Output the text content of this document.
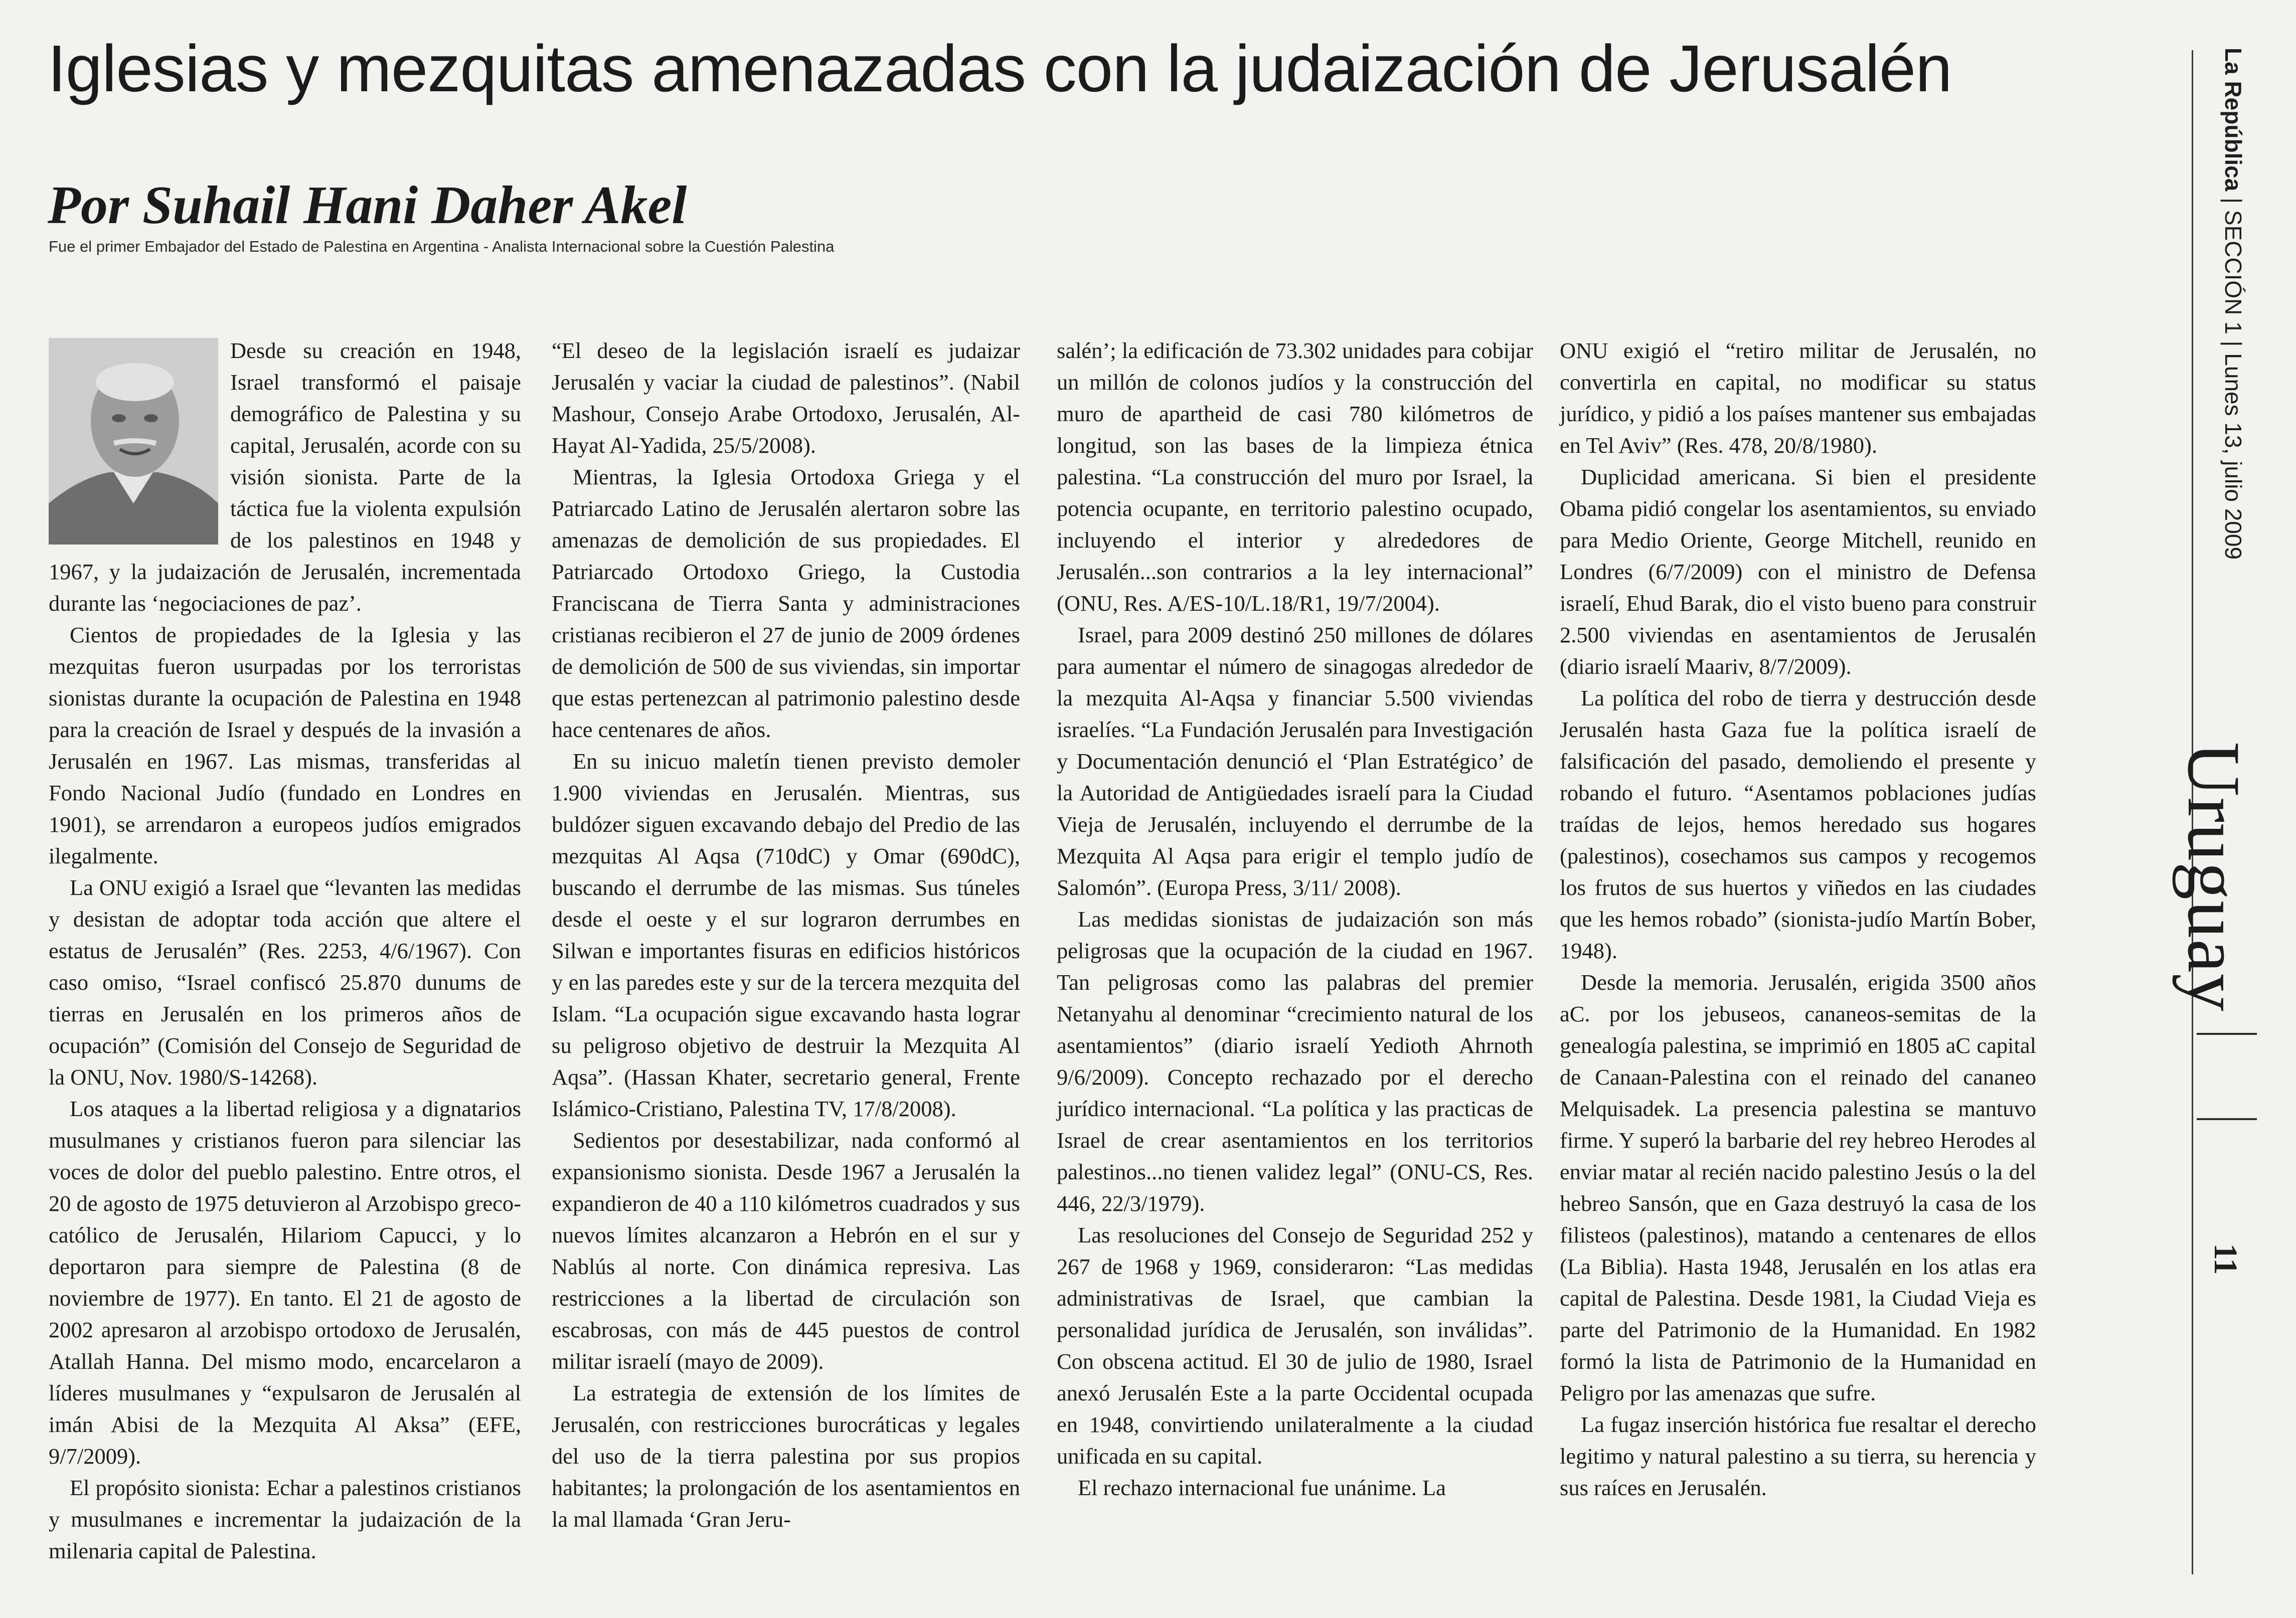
Iglesias y mezquitas amenazadas con la judaización de Jerusalén
Por Suhail Hani Daher Akel
Fue el primer Embajador del Estado de Palestina en Argentina - Analista Internacional sobre la Cuestión Palestina

Desde su creación en 1948, Israel transformó el paisaje demográfico de Palestina y su capital, Jerusalén, acorde con su visión sionista. Parte de la táctica fue la violenta expulsión de los palestinos en 1948 y 1967, y la judaización de Jerusalén, incrementada durante las ‘negociaciones de paz’.

Cientos de propiedades de la Iglesia y las mezquitas fueron usurpadas por los terroristas sionistas durante la ocupación de Palestina en 1948 para la creación de Israel y después de la invasión a Jerusalén en 1967. Las mismas, transferidas al Fondo Nacional Judío (fundado en Londres en 1901), se arrendaron a europeos judíos emigrados ilegalmente.

La ONU exigió a Israel que “levanten las medidas y desistan de adoptar toda acción que altere el estatus de Jerusalén” (Res. 2253, 4/6/1967). Con caso omiso, “Israel confiscó 25.870 dunums de tierras en Jerusalén en los primeros años de ocupación” (Comisión del Consejo de Seguridad de la ONU, Nov. 1980/S-14268).

Los ataques a la libertad religiosa y a dignatarios musulmanes y cristianos fueron para silenciar las voces de dolor del pueblo palestino. Entre otros, el 20 de agosto de 1975 detuvieron al Arzobispo greco-católico de Jerusalén, Hilariom Capucci, y lo deportaron para siempre de Palestina (8 de noviembre de 1977). En tanto. El 21 de agosto de 2002 apresaron al arzobispo ortodoxo de Jerusalén, Atallah Hanna. Del mismo modo, encarcelaron a líderes musulmanes y “expulsaron de Jerusalén al imán Abisi de la Mezquita Al Aksa” (EFE, 9/7/2009).

El propósito sionista: Echar a palestinos cristianos y musulmanes e incrementar la judaización de la milenaria capital de Palestina.

“El deseo de la legislación israelí es judaizar Jerusalén y vaciar la ciudad de palestinos”. (Nabil Mashour, Consejo Arabe Ortodoxo, Jerusalén, Al-Hayat Al-Yadida, 25/5/2008).

Mientras, la Iglesia Ortodoxa Griega y el Patriarcado Latino de Jerusalén alertaron sobre las amenazas de demolición de sus propiedades. El Patriarcado Ortodoxo Griego, la Custodia Franciscana de Tierra Santa y administraciones cristianas recibieron el 27 de junio de 2009 órdenes de demolición de 500 de sus viviendas, sin importar que estas pertenezcan al patrimonio palestino desde hace centenares de años.

En su inicuo maletín tienen previsto demoler 1.900 viviendas en Jerusalén. Mientras, sus buldózer siguen excavando debajo del Predio de las mezquitas Al Aqsa (710dC) y Omar (690dC), buscando el derrumbe de las mismas. Sus túneles desde el oeste y el sur lograron derrumbes en Silwan e importantes fisuras en edificios históricos y en las paredes este y sur de la tercera mezquita del Islam. “La ocupación sigue excavando hasta lograr su peligroso objetivo de destruir la Mezquita Al Aqsa”. (Hassan Khater, secretario general, Frente Islámico-Cristiano, Palestina TV, 17/8/2008).

Sedientos por desestabilizar, nada conformó al expansionismo sionista. Desde 1967 a Jerusalén la expandieron de 40 a 110 kilómetros cuadrados y sus nuevos límites alcanzaron a Hebrón en el sur y Nablús al norte. Con dinámica represiva. Las restricciones a la libertad de circulación son escabrosas, con más de 445 puestos de control militar israelí (mayo de 2009).

La estrategia de extensión de los límites de Jerusalén, con restricciones burocráticas y legales del uso de la tierra palestina por sus propios habitantes; la prolongación de los asentamientos en la mal llamada ‘Gran Jeru-

salén’; la edificación de 73.302 unidades para cobijar un millón de colonos judíos y la construcción del muro de apartheid de casi 780 kilómetros de longitud, son las bases de la limpieza étnica palestina. “La construcción del muro por Israel, la potencia ocupante, en territorio palestino ocupado, incluyendo el interior y alrededores de Jerusalén...son contrarios a la ley internacional” (ONU, Res. A/ES-10/L.18/R1, 19/7/2004).

Israel, para 2009 destinó 250 millones de dólares para aumentar el número de sinagogas alrededor de la mezquita Al-Aqsa y financiar 5.500 viviendas israelíes. “La Fundación Jerusalén para Investigación y Documentación denunció el ‘Plan Estratégico’ de la Autoridad de Antigüedades israelí para la Ciudad Vieja de Jerusalén, incluyendo el derrumbe de la Mezquita Al Aqsa para erigir el templo judío de Salomón”. (Europa Press, 3/11/ 2008).

Las medidas sionistas de judaización son más peligrosas que la ocupación de la ciudad en 1967. Tan peligrosas como las palabras del premier Netanyahu al denominar “crecimiento natural de los asentamientos” (diario israelí Yedioth Ahrnoth 9/6/2009). Concepto rechazado por el derecho jurídico internacional. “La política y las practicas de Israel de crear asentamientos en los territorios palestinos...no tienen validez legal” (ONU-CS, Res. 446, 22/3/1979).

Las resoluciones del Consejo de Seguridad 252 y 267 de 1968 y 1969, consideraron: “Las medidas administrativas de Israel, que cambian la personalidad jurídica de Jerusalén, son inválidas”. Con obscena actitud. El 30 de julio de 1980, Israel anexó Jerusalén Este a la parte Occidental ocupada en 1948, convirtiendo unilateralmente a la ciudad unificada en su capital.

El rechazo internacional fue unánime. La

ONU exigió el “retiro militar de Jerusalén, no convertirla en capital, no modificar su status jurídico, y pidió a los países mantener sus embajadas en Tel Aviv” (Res. 478, 20/8/1980).

Duplicidad americana. Si bien el presidente Obama pidió congelar los asentamientos, su enviado para Medio Oriente, George Mitchell, reunido en Londres (6/7/2009) con el ministro de Defensa israelí, Ehud Barak, dio el visto bueno para construir 2.500 viviendas en asentamientos de Jerusalén (diario israelí Maariv, 8/7/2009).

La política del robo de tierra y destrucción desde Jerusalén hasta Gaza fue la política israelí de falsificación del pasado, demoliendo el presente y robando el futuro. “Asentamos poblaciones judías traídas de lejos, hemos heredado sus hogares (palestinos), cosechamos sus campos y recogemos los frutos de sus huertos y viñedos en las ciudades que les hemos robado” (sionista-judío Martín Bober, 1948).

Desde la memoria. Jerusalén, erigida 3500 años aC. por los jebuseos, cananeos-semitas de la genealogía palestina, se imprimió en 1805 aC capital de Canaan-Palestina con el reinado del cananeo Melquisadek. La presencia palestina se mantuvo firme. Y superó la barbarie del rey hebreo Herodes al enviar matar al recién nacido palestino Jesús o la del hebreo Sansón, que en Gaza destruyó la casa de los filisteos (palestinos), matando a centenares de ellos (La Biblia). Hasta 1948, Jerusalén en los atlas era capital de Palestina. Desde 1981, la Ciudad Vieja es parte del Patrimonio de la Humanidad. En 1982 formó la lista de Patrimonio de la Humanidad en Peligro por las amenazas que sufre.

La fugaz inserción histórica fue resaltar el derecho legitimo y natural palestino a su tierra, su herencia y sus raíces en Jerusalén.

La República | SECCIÓN 1 | Lunes 13, julio 2009
Uruguay
11
